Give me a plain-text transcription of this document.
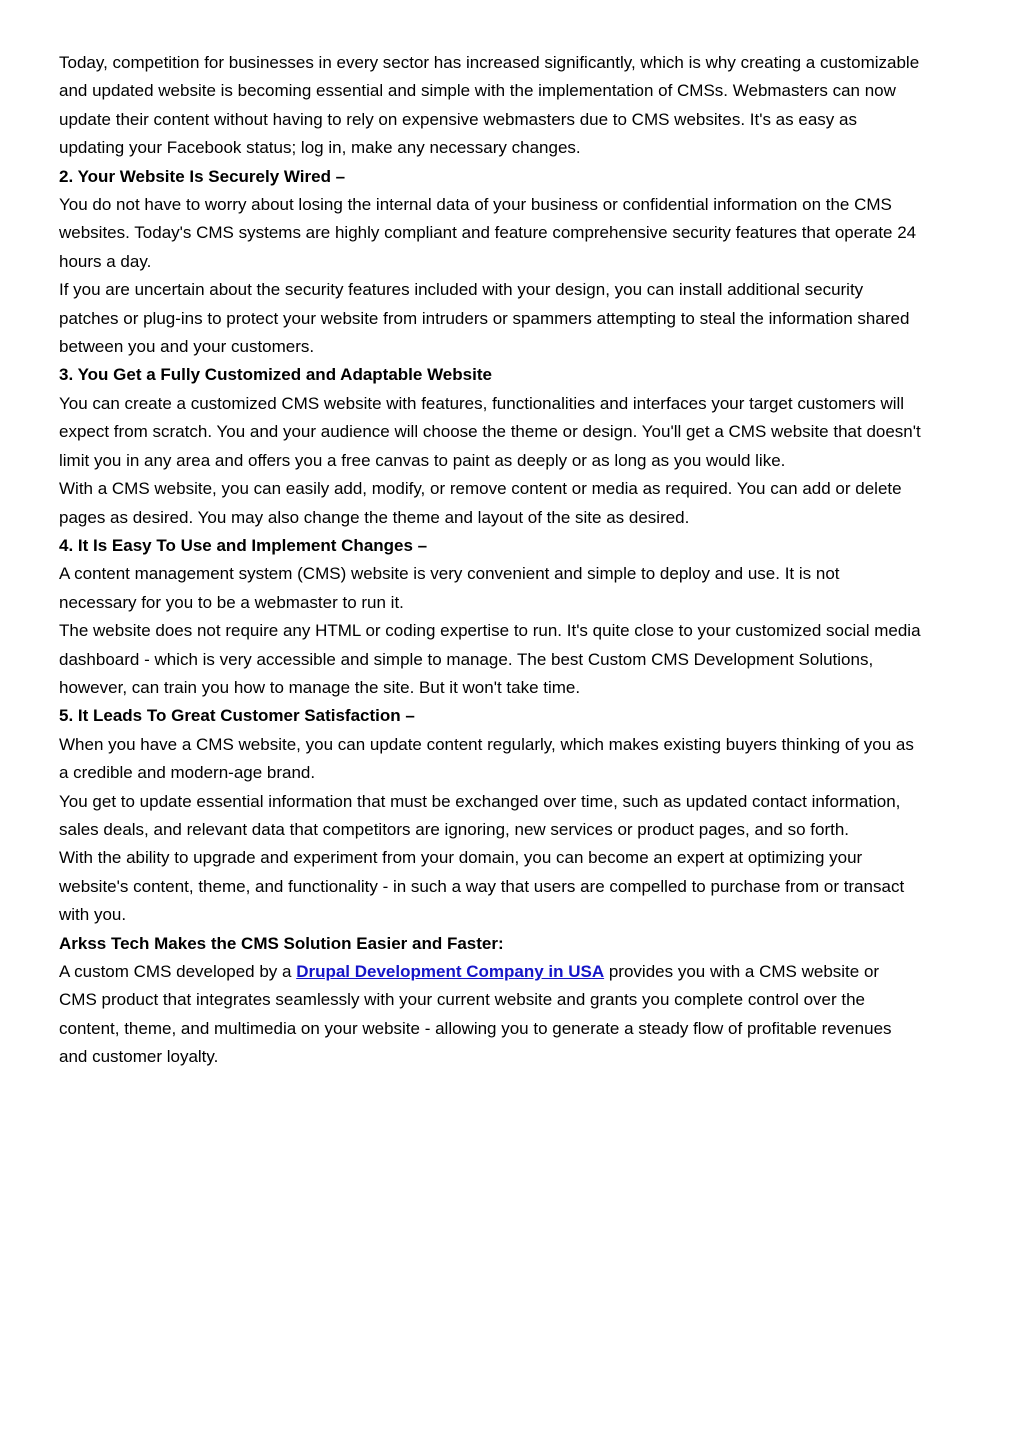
Today, competition for businesses in every sector has increased significantly, which is why creating a customizable

and updated website is becoming essential and simple with the implementation of CMSs. Webmasters can now

update their content without having to rely on expensive webmasters due to CMS websites. It's as easy as

updating your Facebook status; log in, make any necessary changes.

2. Your Website Is Securely Wired –

You do not have to worry about losing the internal data of your business or confidential information on the CMS

websites. Today's CMS systems are highly compliant and feature comprehensive security features that operate 24

hours a day.

If you are uncertain about the security features included with your design, you can install additional security

patches or plug-ins to protect your website from intruders or spammers attempting to steal the information shared

between you and your customers.

3. You Get a Fully Customized and Adaptable Website

You can create a customized CMS website with features, functionalities and interfaces your target customers will

expect from scratch. You and your audience will choose the theme or design. You'll get a CMS website that doesn't

limit you in any area and offers you a free canvas to paint as deeply or as long as you would like.

With a CMS website, you can easily add, modify, or remove content or media as required. You can add or delete

pages as desired. You may also change the theme and layout of the site as desired.

4. It Is Easy To Use and Implement Changes –

A content management system (CMS) website is very convenient and simple to deploy and use. It is not

necessary for you to be a webmaster to run it.

The website does not require any HTML or coding expertise to run. It's quite close to your customized social media

dashboard - which is very accessible and simple to manage. The best Custom CMS Development Solutions,

however, can train you how to manage the site. But it won't take time.

5. It Leads To Great Customer Satisfaction –

When you have a CMS website, you can update content regularly, which makes existing buyers thinking of you as

a credible and modern-age brand.

You get to update essential information that must be exchanged over time, such as updated contact information,

sales deals, and relevant data that competitors are ignoring, new services or product pages, and so forth.

With the ability to upgrade and experiment from your domain, you can become an expert at optimizing your

website's content, theme, and functionality - in such a way that users are compelled to purchase from or transact

with you.

Arkss Tech Makes the CMS Solution Easier and Faster:

A custom CMS developed by a Drupal Development Company in USA provides you with a CMS website or

CMS product that integrates seamlessly with your current website and grants you complete control over the

content, theme, and multimedia on your website - allowing you to generate a steady flow of profitable revenues

and customer loyalty.
